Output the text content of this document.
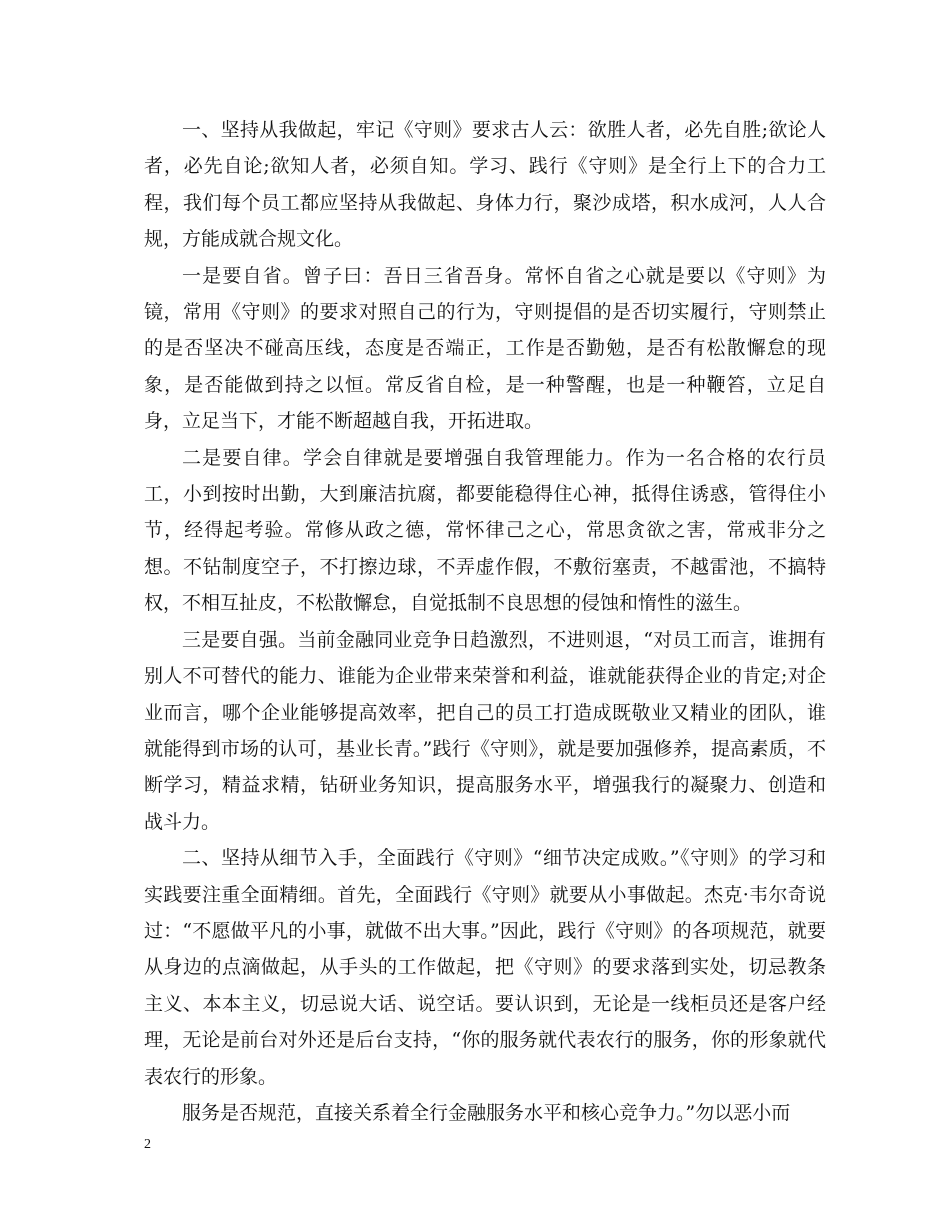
一、坚持从我做起，牢记《守则》要求古人云：欲胜人者，必先自胜;欲论人者，必先自论;欲知人者，必须自知。学习、践行《守则》是全行上下的合力工程，我们每个员工都应坚持从我做起、身体力行，聚沙成塔，积水成河，人人合规，方能成就合规文化。

一是要自省。曾子曰：吾日三省吾身。常怀自省之心就是要以《守则》为镜，常用《守则》的要求对照自己的行为，守则提倡的是否切实履行，守则禁止的是否坚决不碰高压线，态度是否端正，工作是否勤勉，是否有松散懈怠的现象，是否能做到持之以恒。常反省自检，是一种警醒，也是一种鞭笞，立足自身，立足当下，才能不断超越自我，开拓进取。

二是要自律。学会自律就是要增强自我管理能力。作为一名合格的农行员工，小到按时出勤，大到廉洁抗腐，都要能稳得住心神，抵得住诱惑，管得住小节，经得起考验。常修从政之德，常怀律己之心，常思贪欲之害，常戒非分之想。不钻制度空子，不打擦边球，不弄虚作假，不敷衍塞责，不越雷池，不搞特权，不相互扯皮，不松散懈怠，自觉抵制不良思想的侵蚀和惰性的滋生。

三是要自强。当前金融同业竞争日趋激烈，不进则退，“对员工而言，谁拥有别人不可替代的能力、谁能为企业带来荣誉和利益，谁就能获得企业的肯定;对企业而言，哪个企业能够提高效率，把自己的员工打造成既敬业又精业的团队，谁就能得到市场的认可，基业长青。”践行《守则》，就是要加强修养，提高素质，不断学习，精益求精，钻研业务知识，提高服务水平，增强我行的凝聚力、创造和战斗力。

二、坚持从细节入手，全面践行《守则》“细节决定成败。”《守则》的学习和实践要注重全面精细。首先，全面践行《守则》就要从小事做起。杰克·韦尔奇说过：“不愿做平凡的小事，就做不出大事。”因此，践行《守则》的各项规范，就要从身边的点滴做起，从手头的工作做起，把《守则》的要求落到实处，切忌教条主义、本本主义，切忌说大话、说空话。要认识到，无论是一线柜员还是客户经理，无论是前台对外还是后台支持，“你的服务就代表农行的服务，你的形象就代表农行的形象。

服务是否规范，直接关系着全行金融服务水平和核心竞争力。”勿以恶小而

2
